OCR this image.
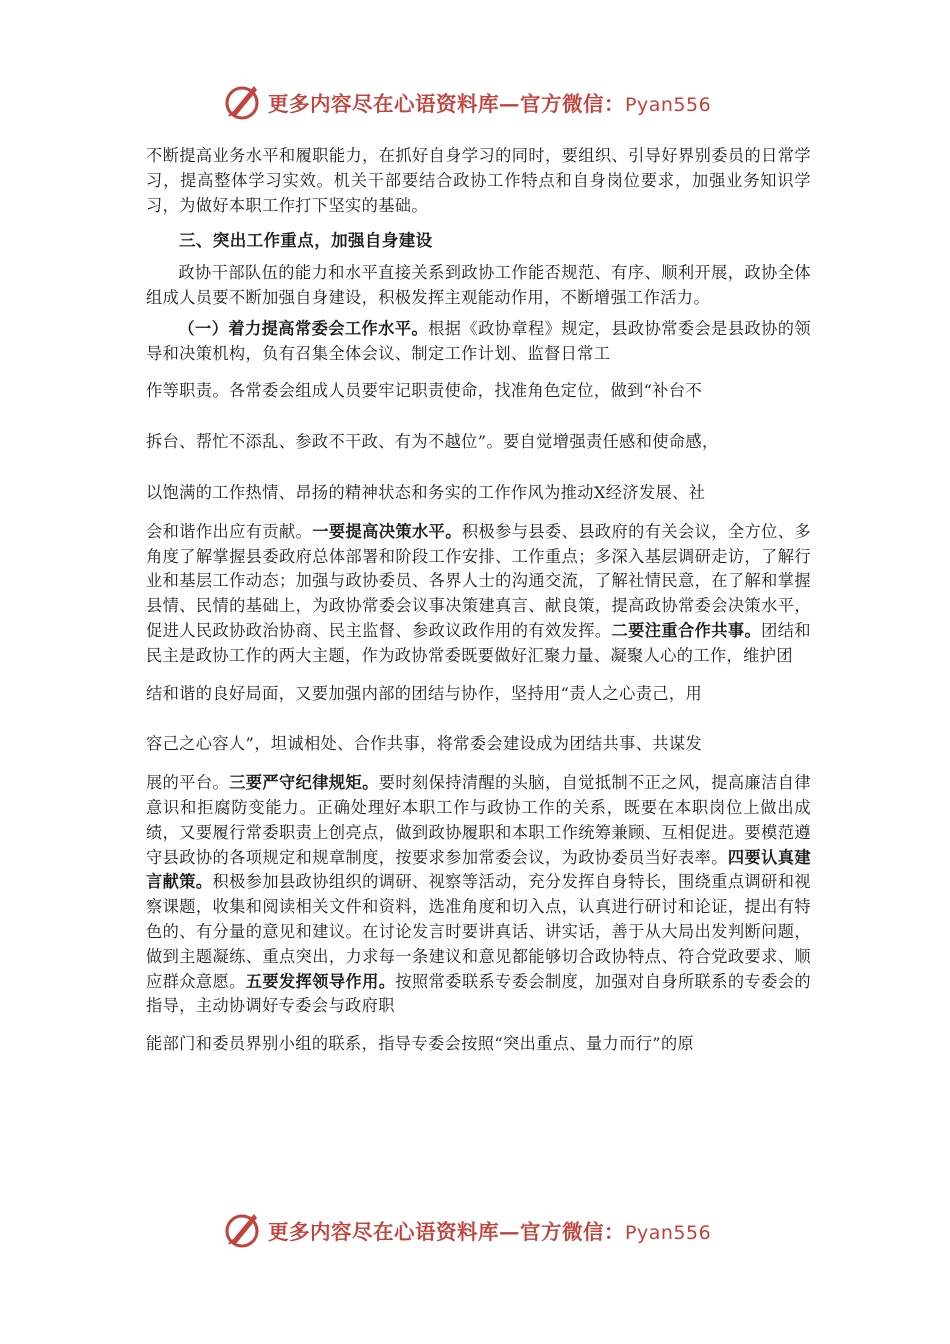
更多内容尽在心语资料库—官方微信：Pyan556

不断提高业务水平和履职能力，在抓好自身学习的同时，要组织、引导好界别委员的日常学习，提高整体学习实效。机关干部要结合政协工作特点和自身岗位要求，加强业务知识学习，为做好本职工作打下坚实的基础。

三、突出工作重点，加强自身建设

政协干部队伍的能力和水平直接关系到政协工作能否规范、有序、顺利开展，政协全体组成人员要不断加强自身建设，积极发挥主观能动作用，不断增强工作活力。

（一）着力提高常委会工作水平。根据《政协章程》规定，县政协常委会是县政协的领导和决策机构，负有召集全体会议、制定工作计划、监督日常工

作等职责。各常委会组成人员要牢记职责使命，找准角色定位，做到“补台不

拆台、帮忙不添乱、参政不干政、有为不越位”。要自觉增强责任感和使命感，

以饱满的工作热情、昂扬的精神状态和务实的工作作风为推动X经济发展、社

会和谐作出应有贡献。一要提高决策水平。积极参与县委、县政府的有关会议，全方位、多角度了解掌握县委政府总体部署和阶段工作安排、工作重点；多深入基层调研走访，了解行业和基层工作动态；加强与政协委员、各界人士的沟通交流，了解社情民意，在了解和掌握县情、民情的基础上，为政协常委会议事决策建真言、献良策，提高政协常委会决策水平，促进人民政协政治协商、民主监督、参政议政作用的有效发挥。二要注重合作共事。团结和民主是政协工作的两大主题，作为政协常委既要做好汇聚力量、凝聚人心的工作，维护团

结和谐的良好局面，又要加强内部的团结与协作，坚持用“责人之心责己，用

容己之心容人”，坦诚相处、合作共事，将常委会建设成为团结共事、共谋发

展的平台。三要严守纪律规矩。要时刻保持清醒的头脑，自觉抵制不正之风，提高廉洁自律意识和拒腐防变能力。正确处理好本职工作与政协工作的关系，既要在本职岗位上做出成绩，又要履行常委职责上创亮点，做到政协履职和本职工作统筹兼顾、互相促进。要模范遵守县政协的各项规定和规章制度，按要求参加常委会议，为政协委员当好表率。四要认真建言献策。积极参加县政协组织的调研、视察等活动，充分发挥自身特长，围绕重点调研和视察课题，收集和阅读相关文件和资料，选准角度和切入点，认真进行研讨和论证，提出有特色的、有分量的意见和建议。在讨论发言时要讲真话、讲实话，善于从大局出发判断问题，做到主题凝练、重点突出，力求每一条建议和意见都能够切合政协特点、符合党政要求、顺应群众意愿。五要发挥领导作用。按照常委联系专委会制度，加强对自身所联系的专委会的指导，主动协调好专委会与政府职

能部门和委员界别小组的联系，指导专委会按照“突出重点、量力而行”的原

更多内容尽在心语资料库—官方微信：Pyan556
